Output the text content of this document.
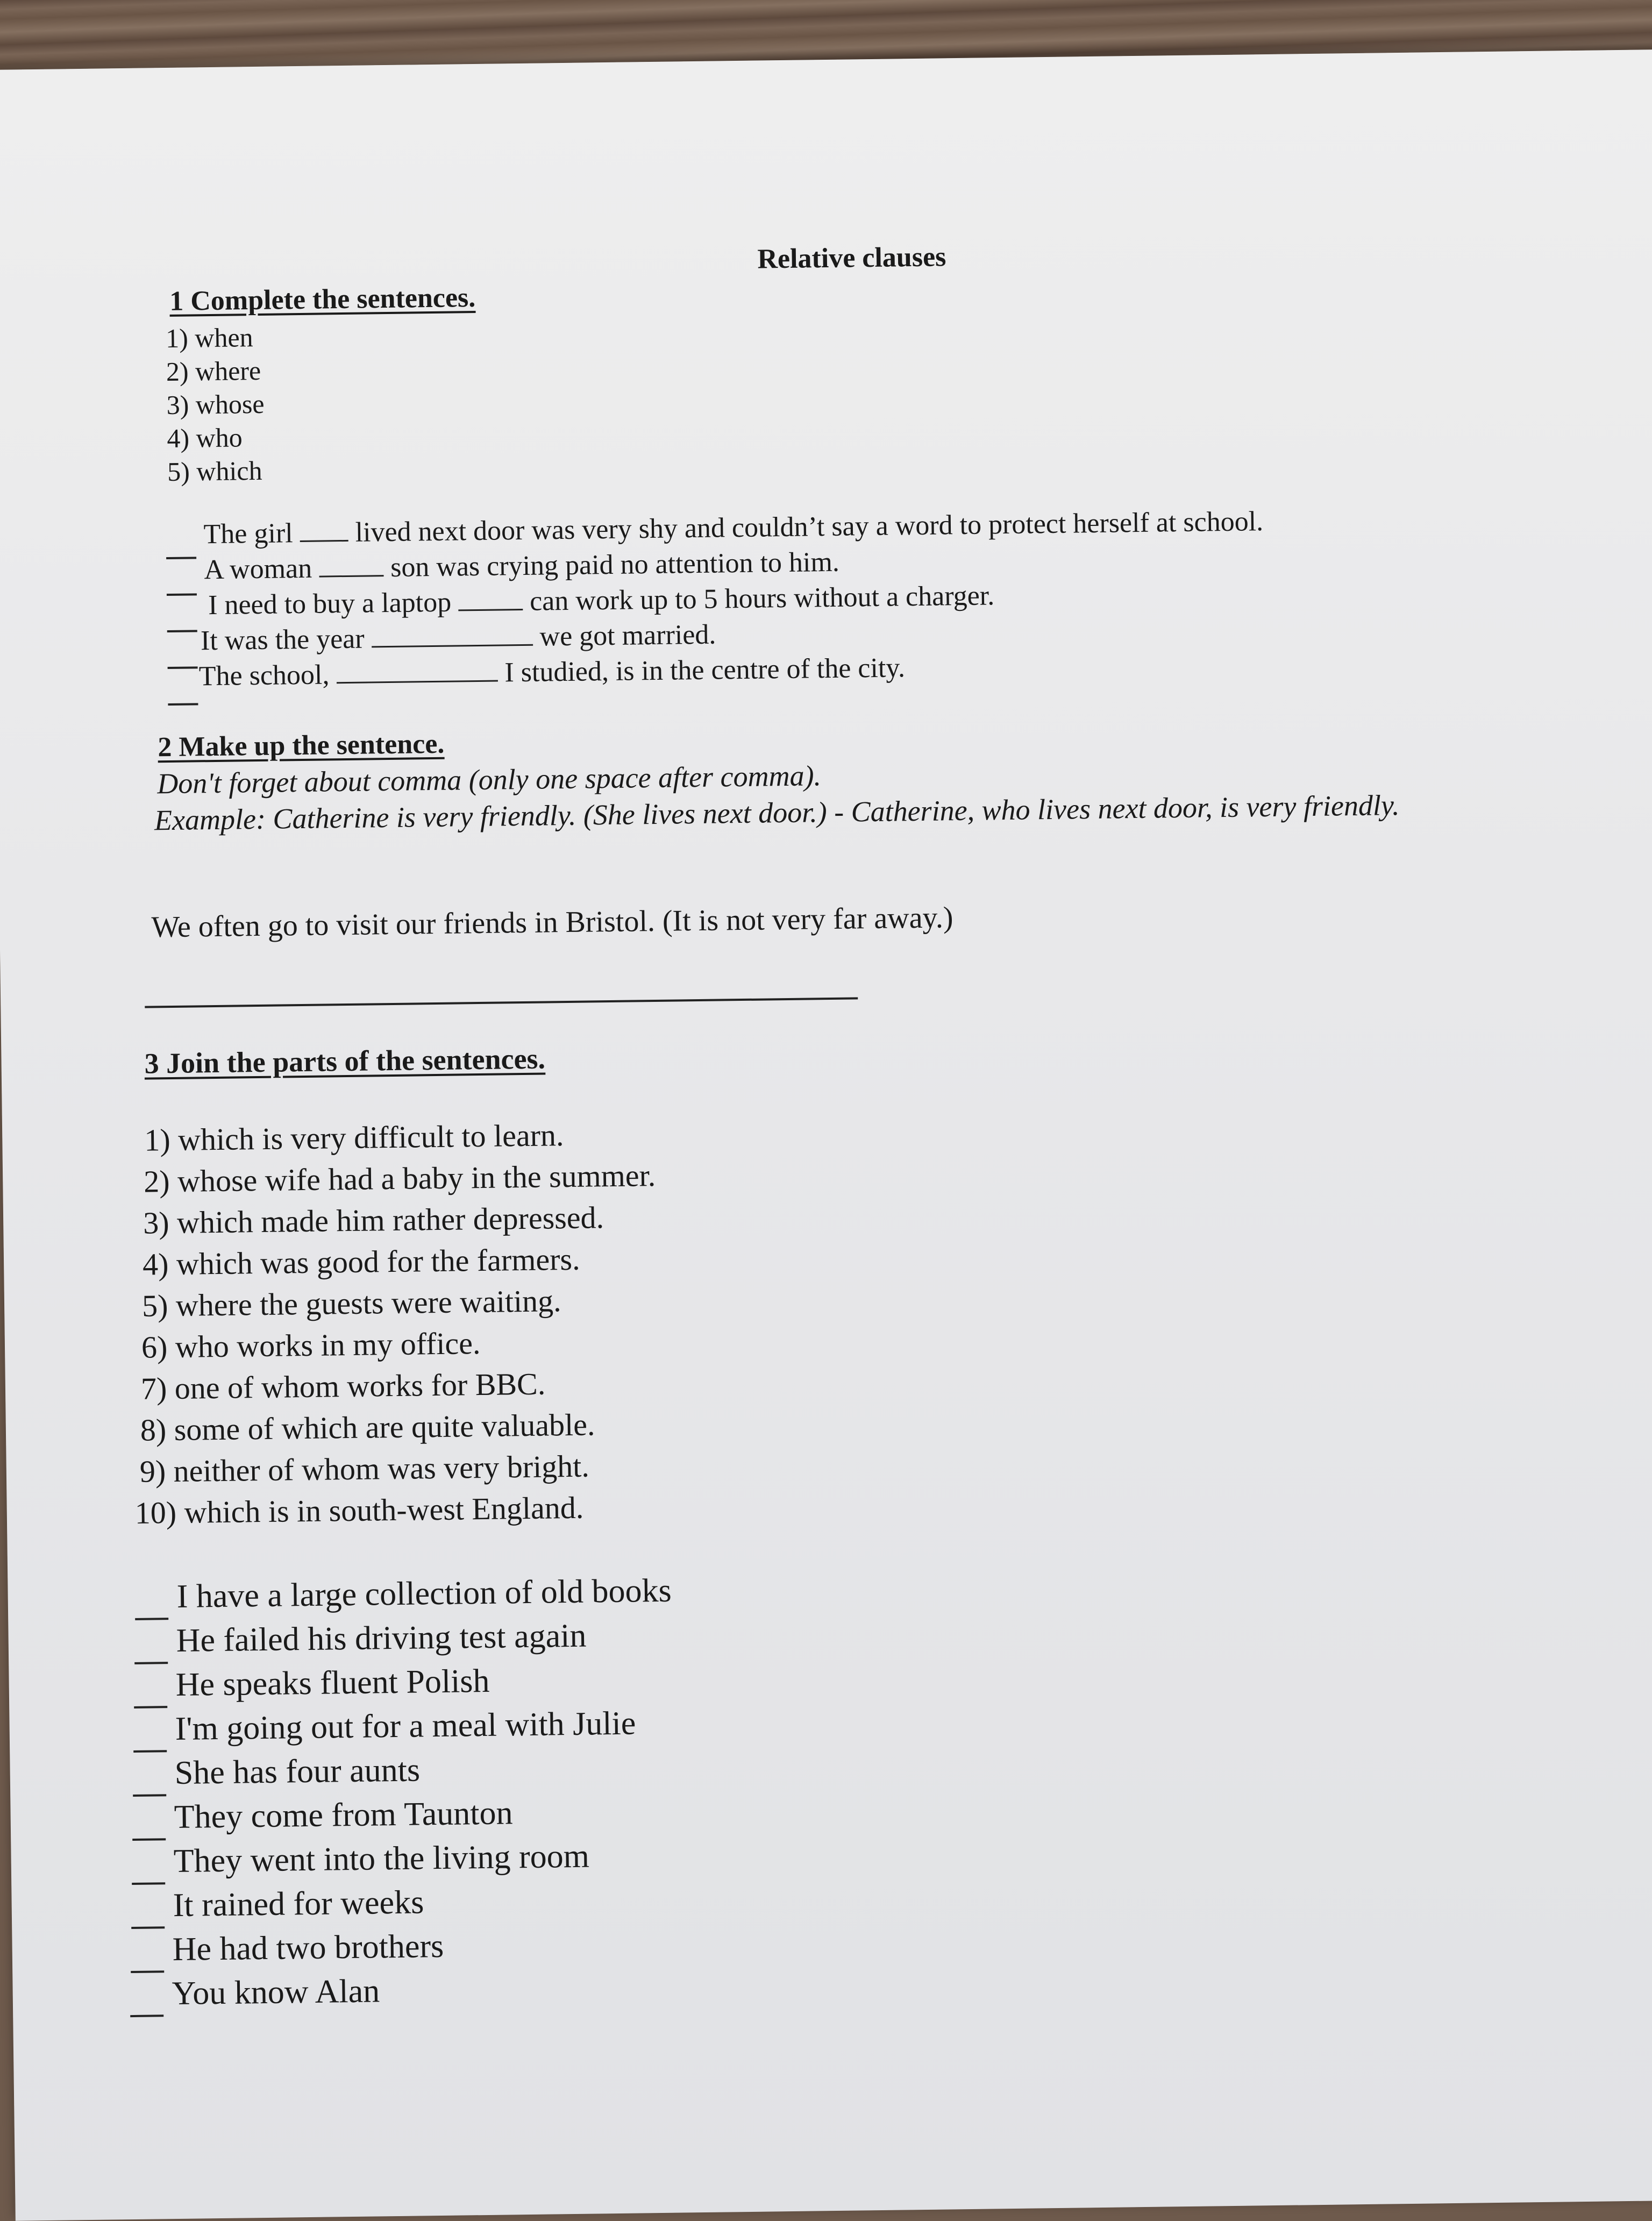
Relative clauses
1 Complete the sentences.
1) when
2) where
3) whose
4) who
5) which
The girl lived next door was very shy and couldn’t say a word to protect herself at school.
A woman	son was crying paid no attention to him.
I need to buy a laptop	can work up to 5 hours without a charger.
It was the year	we got married.
The school,	I studied, is in the centre of the city.
2 Make up the sentence.
Don't forget about comma (only one space after comma).
Example: Catherine is very friendly. (She lives next door.) - Catherine, who lives next door, is very friendly.
We often go to visit our friends in Bristol. (It is not very far away.)
3 Join the parts of the sentences.
1) which is very difficult to learn.
2) whose wife had a baby in the summer.
3) which made him rather depressed.
4) which was good for the farmers.
5) where the guests were waiting.
6) who works in my office.
7) one of whom works for BBC.
8) some of which are quite valuable.
9) neither of whom was very bright.
10) which is in south-west England.
I have a large collection of old books
He failed his driving test again
He speaks fluent Polish
I'm going out for a meal with Julie
She has four aunts
They come from Taunton
They went into the living room
It rained for weeks
He had two brothers
You know Alan
